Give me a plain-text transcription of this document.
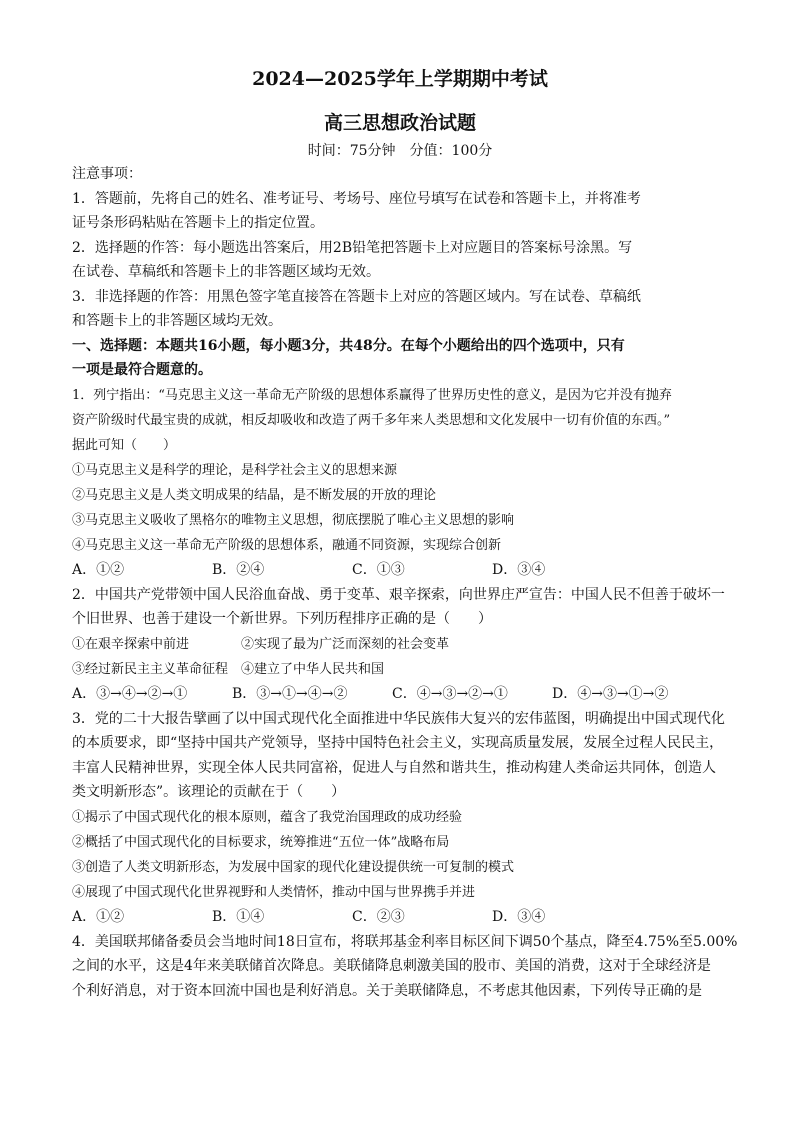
2024—2025学年上学期期中考试
高三思想政治试题
时间：75分钟　分值：100分
注意事项：
1．答题前，先将自己的姓名、准考证号、考场号、座位号填写在试卷和答题卡上，并将准考
证号条形码粘贴在答题卡上的指定位置。
2．选择题的作答：每小题选出答案后，用2B铅笔把答题卡上对应题目的答案标号涂黑。写
在试卷、草稿纸和答题卡上的非答题区域均无效。
3．非选择题的作答：用黑色签字笔直接答在答题卡上对应的答题区域内。写在试卷、草稿纸
和答题卡上的非答题区域均无效。
一、选择题：本题共16小题，每小题3分，共48分。在每个小题给出的四个选项中，只有
一项是最符合题意的。
1．列宁指出：“马克思主义这一革命无产阶级的思想体系赢得了世界历史性的意义，是因为它并没有抛弃
资产阶级时代最宝贵的成就，相反却吸收和改造了两千多年来人类思想和文化发展中一切有价值的东西。”
据此可知（　　）
①马克思主义是科学的理论，是科学社会主义的思想来源
②马克思主义是人类文明成果的结晶，是不断发展的开放的理论
③马克思主义吸收了黑格尔的唯物主义思想，彻底摆脱了唯心主义思想的影响
④马克思主义这一革命无产阶级的思想体系，融通不同资源，实现综合创新
A．①②	B．②④	C．①③	D．③④
2．中国共产党带领中国人民浴血奋战、勇于变革、艰辛探索，向世界庄严宣告：中国人民不但善于破坏一
个旧世界、也善于建设一个新世界。下列历程排序正确的是（　　）
①在艰辛探索中前进　　　　②实现了最为广泛而深刻的社会变革
③经过新民主主义革命征程　④建立了中华人民共和国
A．③→④→②→①	B．③→①→④→②	C．④→③→②→①	D．④→③→①→②
3．党的二十大报告擘画了以中国式现代化全面推进中华民族伟大复兴的宏伟蓝图，明确提出中国式现代化
的本质要求，即“坚持中国共产党领导，坚持中国特色社会主义，实现高质量发展，发展全过程人民民主，
丰富人民精神世界，实现全体人民共同富裕，促进人与自然和谐共生，推动构建人类命运共同体，创造人
类文明新形态”。该理论的贡献在于（　　）
①揭示了中国式现代化的根本原则，蕴含了我党治国理政的成功经验
②概括了中国式现代化的目标要求，统筹推进“五位一体”战略布局
③创造了人类文明新形态，为发展中国家的现代化建设提供统一可复制的模式
④展现了中国式现代化世界视野和人类情怀，推动中国与世界携手并进
A．①②	B．①④	C．②③	D．③④
4．美国联邦储备委员会当地时间18日宣布，将联邦基金利率目标区间下调50个基点，降至4.75%至5.00%
之间的水平，这是4年来美联储首次降息。美联储降息刺激美国的股市、美国的消费，这对于全球经济是
个利好消息，对于资本回流中国也是利好消息。关于美联储降息，不考虑其他因素，下列传导正确的是
